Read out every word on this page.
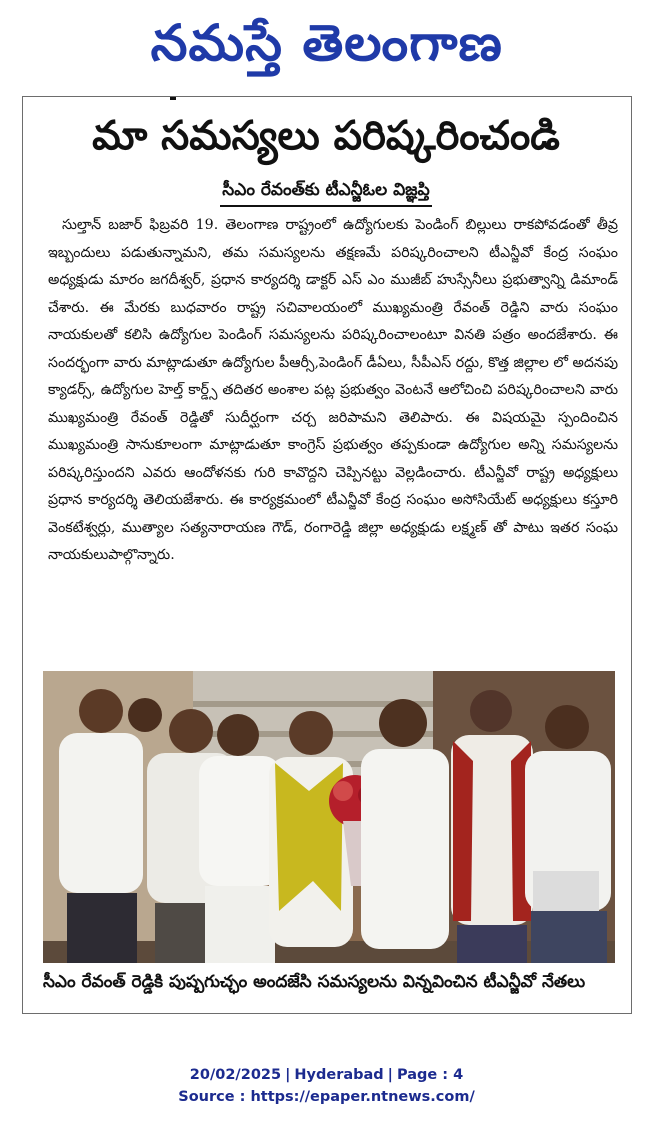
నమస్తే తెలంగాణ
మా సమస్యలు పరిష్కరించండి
సీఎం రేవంత్‌కు టీఎన్జీఓల విజ్ఞప్తి
సుల్తాన్ బజార్ ఫిబ్రవరి 19. తెలంగాణ రాష్ట్రంలో ఉద్యోగులకు పెండింగ్ బిల్లులు రాకపోవడంతో తీవ్ర ఇబ్బందులు పడుతున్నామని, తమ సమస్యలను తక్షణమే పరిష్కరించాలని టీఎన్జీవో కేంద్ర సంఘం అధ్యక్షుడు మారం జగదీశ్వర్, ప్రధాన కార్యదర్శి డాక్టర్ ఎస్ ఎం ముజీబ్ హుస్సేనీలు ప్రభుత్వాన్ని డిమాండ్ చేశారు. ఈ మేరకు బుధవారం రాష్ట్ర సచివాలయంలో ముఖ్యమంత్రి రేవంత్ రెడ్డిని వారు సంఘం నాయకులతో కలిసి ఉద్యోగుల పెండింగ్ సమస్యలను పరిష్కరించాలంటూ వినతి పత్రం అందజేశారు. ఈ సందర్భంగా వారు మాట్లాడుతూ ఉద్యోగుల పీఆర్సీ,పెండింగ్ డీఏలు, సీపీఎస్ రద్దు, కొత్త జిల్లాల లో అదనపు క్యాడర్స్, ఉద్యోగుల హెల్త్ కార్డ్స్ తదితర అంశాల పట్ల ప్రభుత్వం వెంటనే ఆలోచించి పరిష్కరించాలని వారు ముఖ్యమంత్రి రేవంత్ రెడ్డితో సుదీర్ఘంగా చర్చ జరిపామని తెలిపారు. ఈ విషయమై స్పందించిన ముఖ్యమంత్రి సానుకూలంగా మాట్లాడుతూ కాంగ్రెస్ ప్రభుత్వం తప్పకుండా ఉద్యోగుల అన్ని సమస్యలను పరిష్కరిస్తుందని ఎవరు ఆందోళనకు గురి కావొద్దని చెప్పినట్టు వెల్లడించారు. టీఎన్జీవో రాష్ట్ర అధ్యక్షులు ప్రధాన కార్యదర్శి తెలియజేశారు. ఈ కార్యక్రమంలో టీఎన్జీవో కేంద్ర సంఘం అసోసియేట్ అధ్యక్షులు కస్తూరి వెంకటేశ్వర్లు, ముత్యాల సత్యనారాయణ గౌడ్, రంగారెడ్డి జిల్లా అధ్యక్షుడు లక్ష్మణ్ తో పాటు ఇతర సంఘ నాయకులుపాల్గొన్నారు.
సీఎం రేవంత్ రెడ్డికి పుష్పగుచ్ఛం అందజేసి సమస్యలను విన్నవించిన టీఎన్జీవో నేతలు
20/02/2025 | Hyderabad | Page : 4
Source : https://epaper.ntnews.com/
